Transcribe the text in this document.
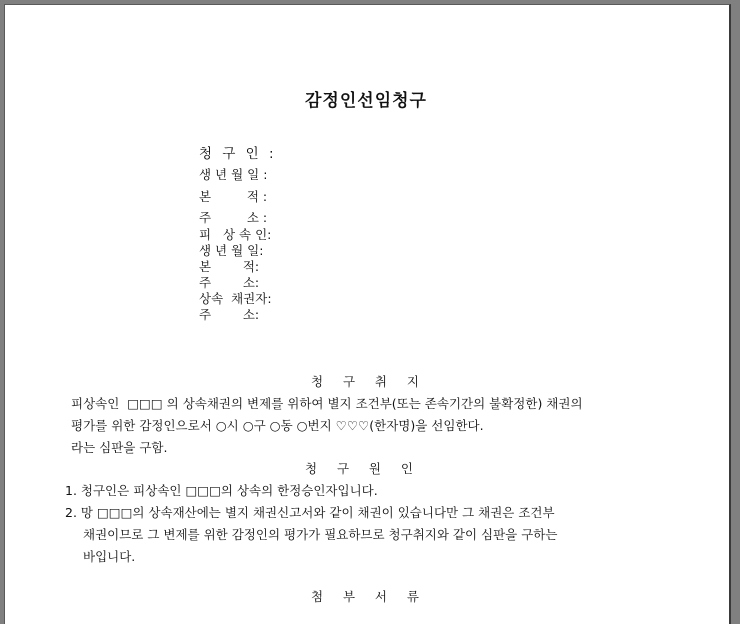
감정인선임청구
청 구 인 :
생 년 월 일 :
본         적 :
주         소 :
피   상 속 인:
생 년 월 일:
본        적:
주        소:
상속  채권자:
주        소:
청     구     취     지
피상속인  □□□ 의 상속채권의 변제를 위하여 별지 조건부(또는 존속기간의 불확정한) 채권의
평가를 위한 감정인으로서 ○시 ○구 ○동 ○번지 ♡♡♡(한자명)을 선임한다.
라는 심판을 구함.
청     구     원     인
1. 청구인은 피상속인 □□□의 상속의 한정승인자입니다.
2. 망 □□□의 상속재산에는 별지 채권신고서와 같이 채권이 있습니다만 그 채권은 조건부
채권이므로 그 변제를 위한 감정인의 평가가 필요하므로 청구취지와 같이 심판을 구하는
바입니다.
첨     부     서     류
